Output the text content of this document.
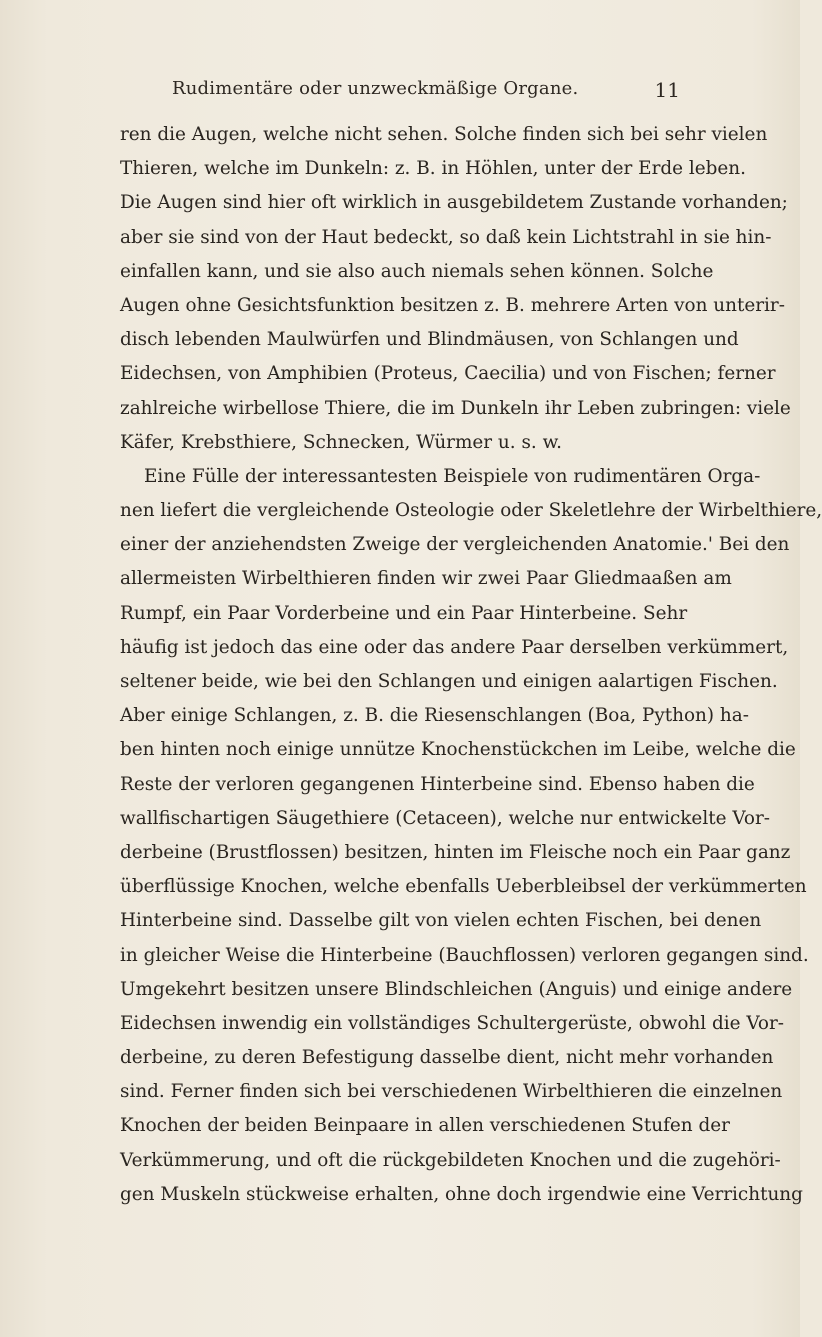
Rudimentäre oder unzweckmäßige Organe.	11
ren die Augen, welche nicht sehen. Solche finden sich bei sehr vielen
Thieren, welche im Dunkeln: z. B. in Höhlen, unter der Erde leben.
Die Augen sind hier oft wirklich in ausgebildetem Zustande vorhanden;
aber sie sind von der Haut bedeckt, so daß kein Lichtstrahl in sie hin-
einfallen kann, und sie also auch niemals sehen können. Solche
Augen ohne Gesichtsfunktion besitzen z. B. mehrere Arten von unterir-
disch lebenden Maulwürfen und Blindmäusen, von Schlangen und
Eidechsen, von Amphibien (Proteus, Caecilia) und von Fischen; ferner
zahlreiche wirbellose Thiere, die im Dunkeln ihr Leben zubringen: viele
Käfer, Krebsthiere, Schnecken, Würmer u. s. w.
Eine Fülle der interessantesten Beispiele von rudimentären Orga-
nen liefert die vergleichende Osteologie oder Skeletlehre der Wirbelthiere,
einer der anziehendsten Zweige der vergleichenden Anatomie.' Bei den
allermeisten Wirbelthieren finden wir zwei Paar Gliedmaaßen am
Rumpf, ein Paar Vorderbeine und ein Paar Hinterbeine. Sehr
häufig ist jedoch das eine oder das andere Paar derselben verkümmert,
seltener beide, wie bei den Schlangen und einigen aalartigen Fischen.
Aber einige Schlangen, z. B. die Riesenschlangen (Boa, Python) ha-
ben hinten noch einige unnütze Knochenstückchen im Leibe, welche die
Reste der verloren gegangenen Hinterbeine sind. Ebenso haben die
wallfischartigen Säugethiere (Cetaceen), welche nur entwickelte Vor-
derbeine (Brustflossen) besitzen, hinten im Fleische noch ein Paar ganz
überflüssige Knochen, welche ebenfalls Ueberbleibsel der verkümmerten
Hinterbeine sind. Dasselbe gilt von vielen echten Fischen, bei denen
in gleicher Weise die Hinterbeine (Bauchflossen) verloren gegangen sind.
Umgekehrt besitzen unsere Blindschleichen (Anguis) und einige andere
Eidechsen inwendig ein vollständiges Schultergerüste, obwohl die Vor-
derbeine, zu deren Befestigung dasselbe dient, nicht mehr vorhanden
sind. Ferner finden sich bei verschiedenen Wirbelthieren die einzelnen
Knochen der beiden Beinpaare in allen verschiedenen Stufen der
Verkümmerung, und oft die rückgebildeten Knochen und die zugehöri-
gen Muskeln stückweise erhalten, ohne doch irgendwie eine Verrichtung
